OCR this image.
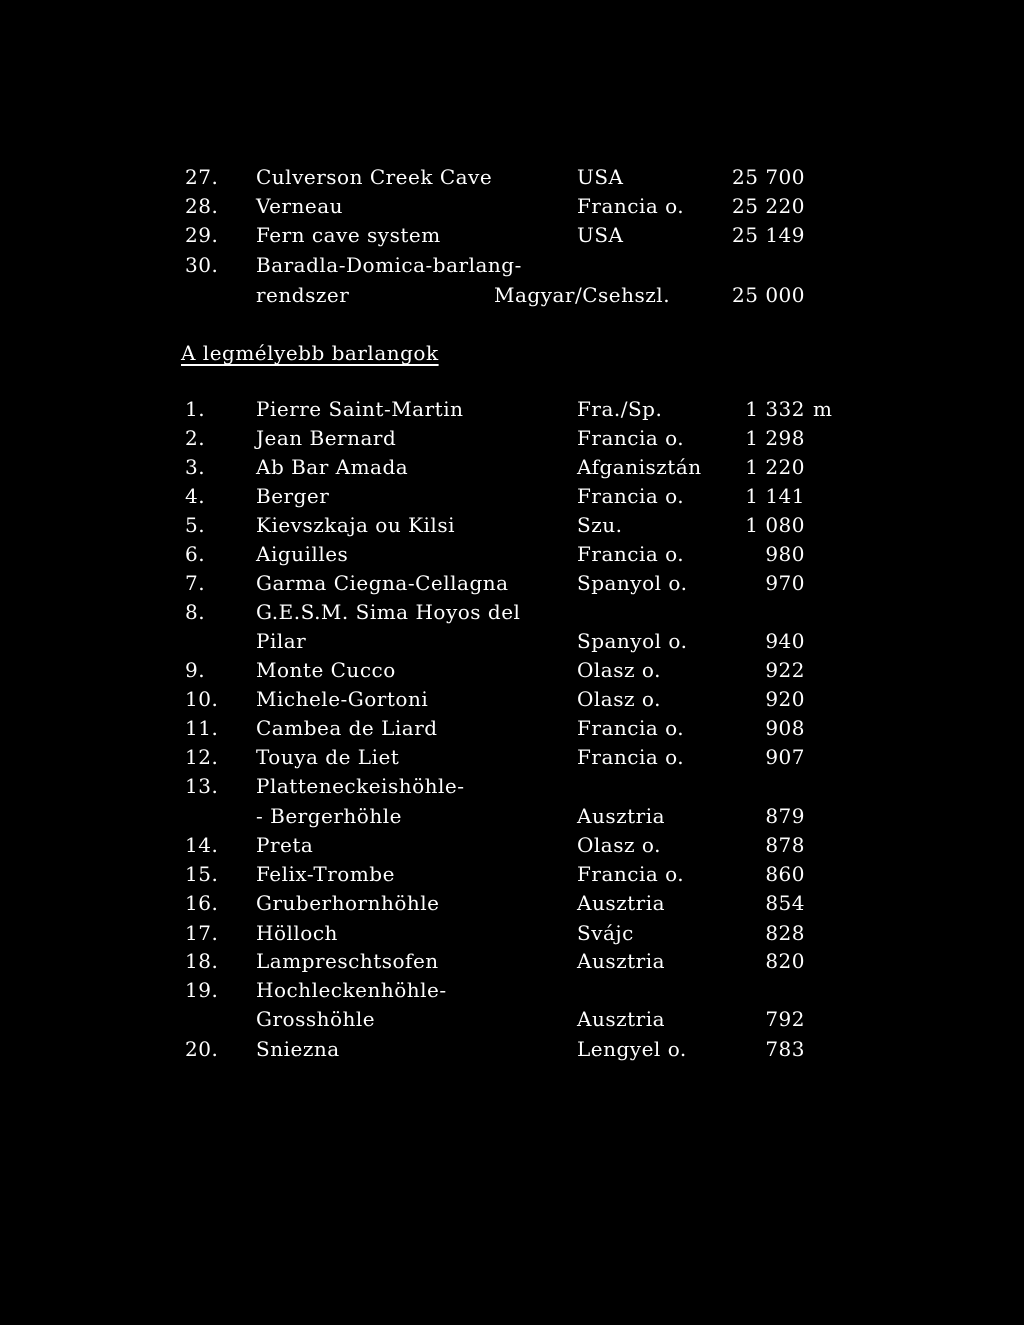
27. Culverson Creek Cave	USA	25 700
28. Verneau	Francia o.	25 220
29. Fern cave system	USA	25 149
30. Baradla-Domica-barlang-
rendszer	Magyar/Csehszl.	25 000
A legmélyebb barlangok
1.	Pierre Saint-Martin	Fra./Sp.	1 332 m
2.	Jean Bernard	Francia o.	1 298
3.	Ab Bar Amada	Afganisztán	1 220
4.	Berger	Francia o.	1 141
5.	Kievszkaja ou Kilsi	Szu.	1 080
6.	Aiguilles	Francia o.	980
7.	Garma Ciegna-Cellagna	Spanyol o.	970
8.	G.E.S.M. Sima Hoyos del
Pilar	Spanyol o.	940
9.	Monte Cucco	Olasz o.	922
10. Michele-Gortoni	Olasz o.	920
11. Cambea de Liard	Francia o.	908
12. Touya de Liet	Francia o.	907
13. Platteneckeishöhle-
- Bergerhöhle	Ausztria	879
14. Preta	Olasz o.	878
15. Felix-Trombe	Francia o.	860
16. Gruberhornhöhle	Ausztria	854
17. Hölloch	Svájc	828
18. Lampreschtsofen	Ausztria	820
19. Hochleckenhöhle-
Grosshöhle	Ausztria	792
20. Sniezna	Lengyel o.	783
